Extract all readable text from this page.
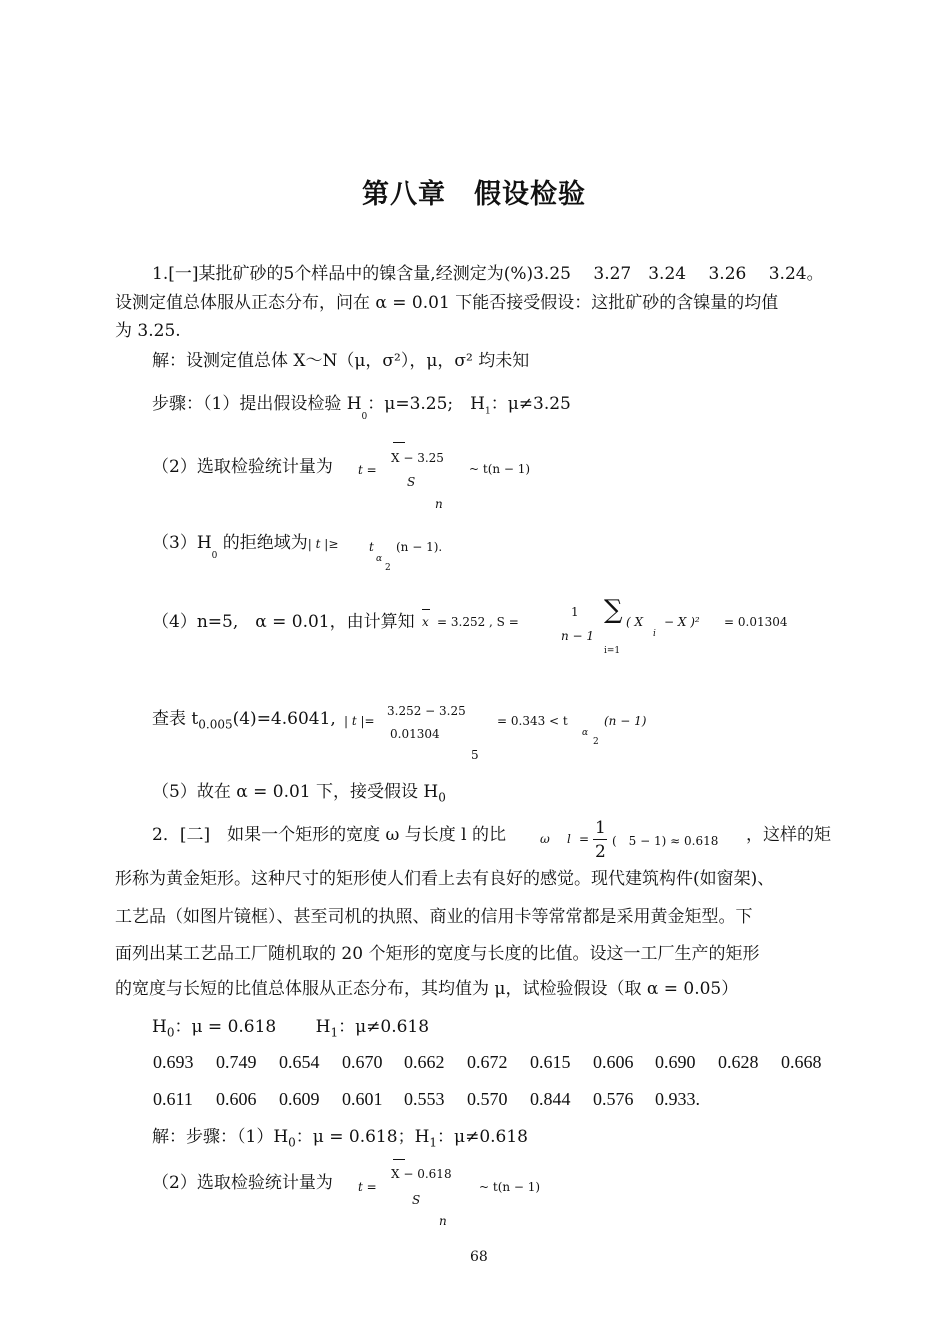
第八章　假设检验
1.[一]某批矿砂的5个样品中的镍含量,经测定为(%)3.25　 3.27　3.24　 3.26　 3.24。
设测定值总体服从正态分布，问在 α = 0.01 下能否接受假设：这批矿砂的含镍量的均值
为 3.25.
解：设测定值总体 X～N（μ，σ²），μ，σ² 均未知
步骤：（1）提出假设检验 $H_0$：μ=3.25;　$H_1$：μ≠3.25
（2）选取检验统计量为 t =
X − 3.25
S
n
~ t(n − 1)
$(3)H_0$ 的拒绝域为| t |≥	t
α
2
(n − 1).
（4）n=5,　α = 0.01，由计算知 x = 3.252 , S =
1
n − 1
∑
i=1
( X
i
− X )² = 0.01304
查表 $t_{0.005}(4)=4.6041$, | t |=
3.252 − 3.25
0.01304
5
= 0.343 < t
α
2
(n − 1)
（5）故在 α = 0.01 下，接受假设 $H_0$
2．[二]　如果一个矩形的宽度 ω 与长度 l 的比	ω l =
1
2
(　5 − 1) ≈ 0.618 ，这样的矩
形称为黄金矩形。这种尺寸的矩形使人们看上去有良好的感觉。现代建筑构件(如窗架)、
工艺品（如图片镜框）、甚至司机的执照、商业的信用卡等常常都是采用黄金矩型。下
面列出某工艺品工厂随机取的 20 个矩形的宽度与长度的比值。设这一工厂生产的矩形
的宽度与长短的比值总体服从正态分布，其均值为 μ，试检验假设（取 α = 0.05）
$H_0$：μ = 0.618　　 $H_1$：μ≠0.618
0.693 0.749 0.654 0.670 0.662 0.672 0.615 0.606 0.690 0.628 0.668
0.611 0.606 0.609 0.601 0.553 0.570 0.844 0.576 0.933.
解：步骤：$(1)H_0$：μ = 0.618；$H_1$：μ≠0.618
（2）选取检验统计量为 t =
X − 0.618
S
n
~ t(n − 1)
68
